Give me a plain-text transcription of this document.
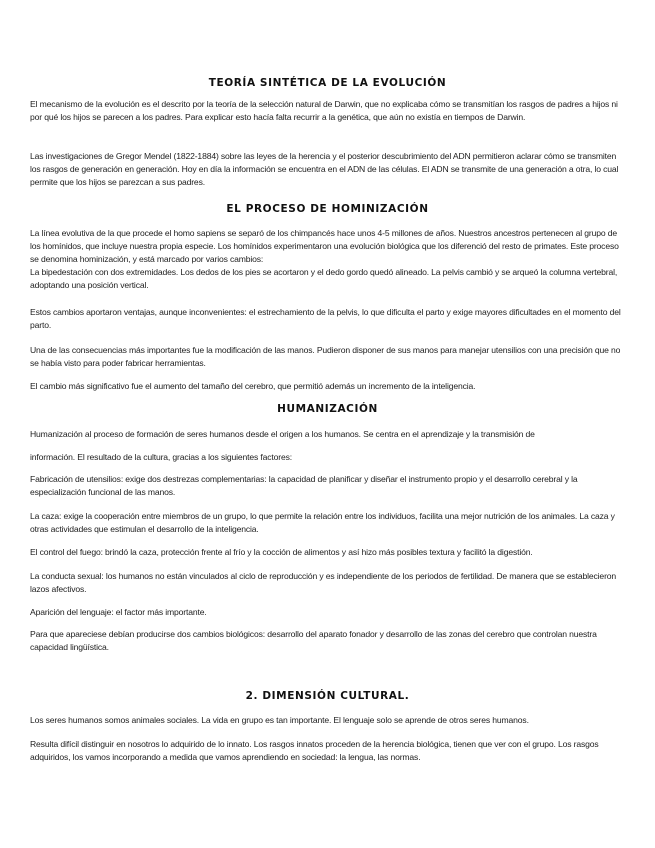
TEORÍA SINTÉTICA DE LA EVOLUCIÓN

El mecanismo de la evolución es el descrito por la teoría de la selección natural de Darwin, que no explicaba cómo se transmitían los rasgos de padres a hijos ni por qué los hijos se parecen a los padres. Para explicar esto hacía falta recurrir a la genética, que aún no existía en tiempos de Darwin.

Las investigaciones de Gregor Mendel (1822-1884) sobre las leyes de la herencia y el posterior descubrimiento del ADN permitieron aclarar cómo se transmiten los rasgos de generación en generación. Hoy en día la información se encuentra en el ADN de las células. El ADN se transmite de una generación a otra, lo cual permite que los hijos se parezcan a sus padres.

EL PROCESO DE HOMINIZACIÓN

La línea evolutiva de la que procede el homo sapiens se separó de los chimpancés hace unos 4-5 millones de años. Nuestros ancestros pertenecen al grupo de los homínidos, que incluye nuestra propia especie. Los homínidos experimentaron una evolución biológica que los diferenció del resto de primates. Este proceso se denomina hominización, y está marcado por varios cambios:

La bipedestación con dos extremidades. Los dedos de los pies se acortaron y el dedo gordo quedó alineado. La pelvis cambió y se arqueó la columna vertebral, adoptando una posición vertical.

Estos cambios aportaron ventajas, aunque inconvenientes: el estrechamiento de la pelvis, lo que dificulta el parto y exige mayores dificultades en el momento del parto.

Una de las consecuencias más importantes fue la modificación de las manos. Pudieron disponer de sus manos para manejar utensilios con una precisión que no se había visto para poder fabricar herramientas.

El cambio más significativo fue el aumento del tamaño del cerebro, que permitió además un incremento de la inteligencia.

HUMANIZACIÓN

Humanización al proceso de formación de seres humanos desde el origen a los humanos. Se centra en el aprendizaje y la transmisión de

información. El resultado de la cultura, gracias a los siguientes factores:

Fabricación de utensilios: exige dos destrezas complementarias: la capacidad de planificar y diseñar el instrumento propio y el desarrollo cerebral y la especialización funcional de las manos.

La caza: exige la cooperación entre miembros de un grupo, lo que permite la relación entre los individuos, facilita una mejor nutrición de los animales. La caza y otras actividades que estimulan el desarrollo de la inteligencia.

El control del fuego: brindó la caza, protección frente al frío y la cocción de alimentos y así hizo más posibles textura y facilitó la digestión.

La conducta sexual: los humanos no están vinculados al ciclo de reproducción y es independiente de los periodos de fertilidad. De manera que se establecieron lazos afectivos.

Aparición del lenguaje: el factor más importante.

Para que apareciese debían producirse dos cambios biológicos: desarrollo del aparato fonador y desarrollo de las zonas del cerebro que controlan nuestra capacidad lingüística.

2. DIMENSIÓN CULTURAL.

Los seres humanos somos animales sociales. La vida en grupo es tan importante. El lenguaje solo se aprende de otros seres humanos.

Resulta difícil distinguir en nosotros lo adquirido de lo innato. Los rasgos innatos proceden de la herencia biológica, tienen que ver con el grupo. Los rasgos adquiridos, los vamos incorporando a medida que vamos aprendiendo en sociedad: la lengua, las normas.
